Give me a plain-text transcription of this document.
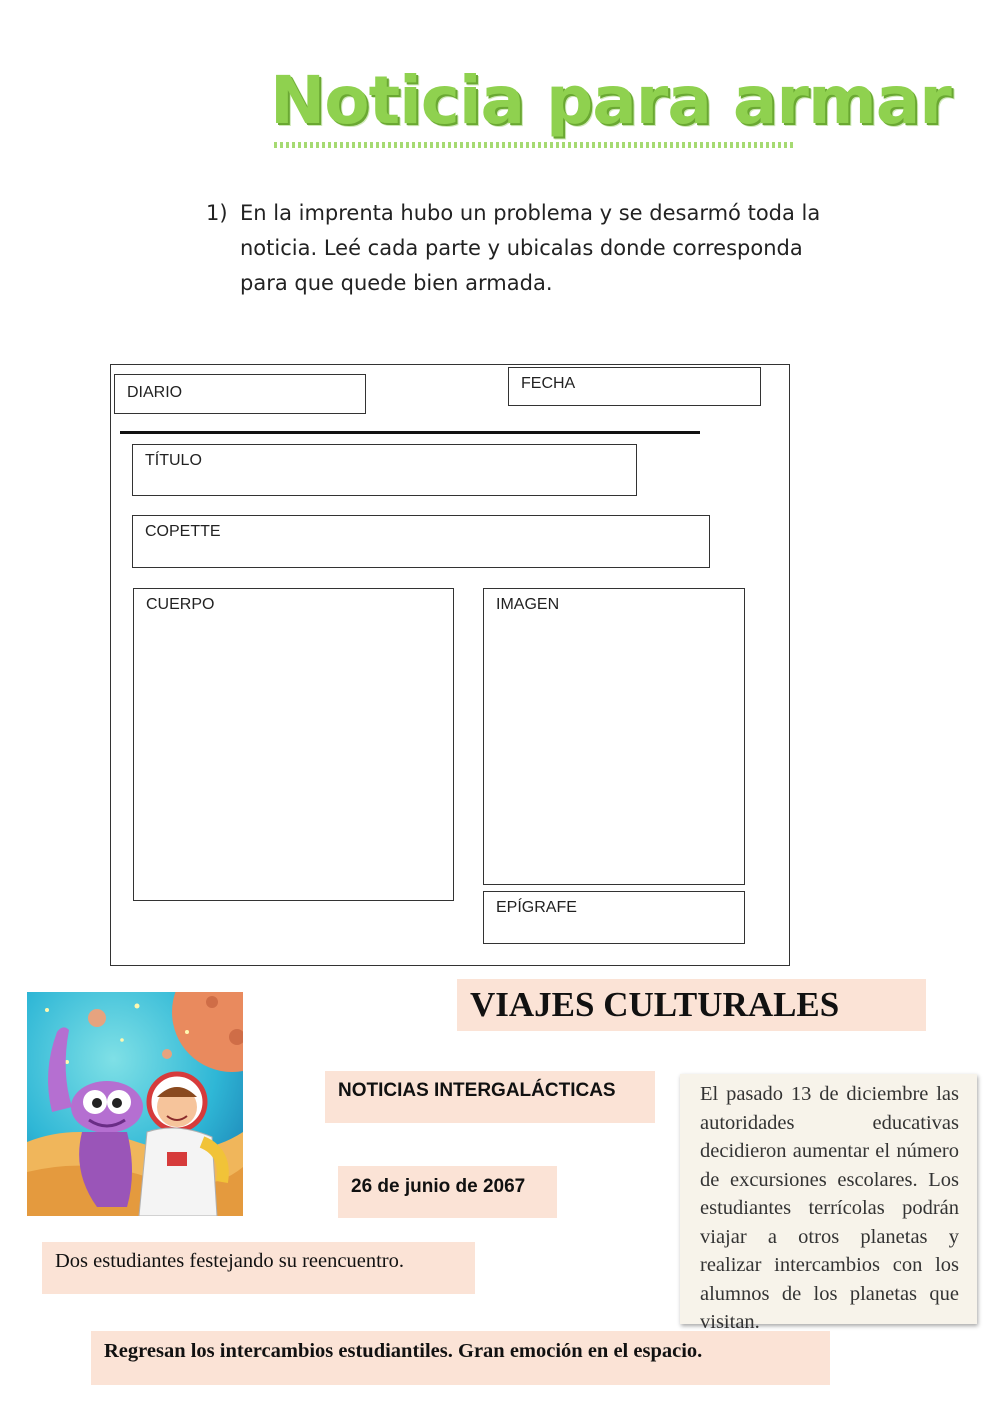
Noticia para armar
1) En la imprenta hubo un problema y se desarmó toda la noticia. Leé cada parte y ubicalas donde corresponda para que quede bien armada.
DIARIO
FECHA
TÍTULO
COPETTE
CUERPO	IMAGEN
EPÍGRAFE
VIAJES CULTURALES
NOTICIAS INTERGALÁCTICAS
26 de junio de 2067
Dos estudiantes festejando su reencuentro.
Regresan los intercambios estudiantiles. Gran emoción en el espacio.
El pasado 13 de diciembre las autoridades educativas decidieron aumentar el número de excursiones escolares. Los estudiantes terrícolas podrán viajar a otros planetas y realizar intercambios con los alumnos de los planetas que visitan.
